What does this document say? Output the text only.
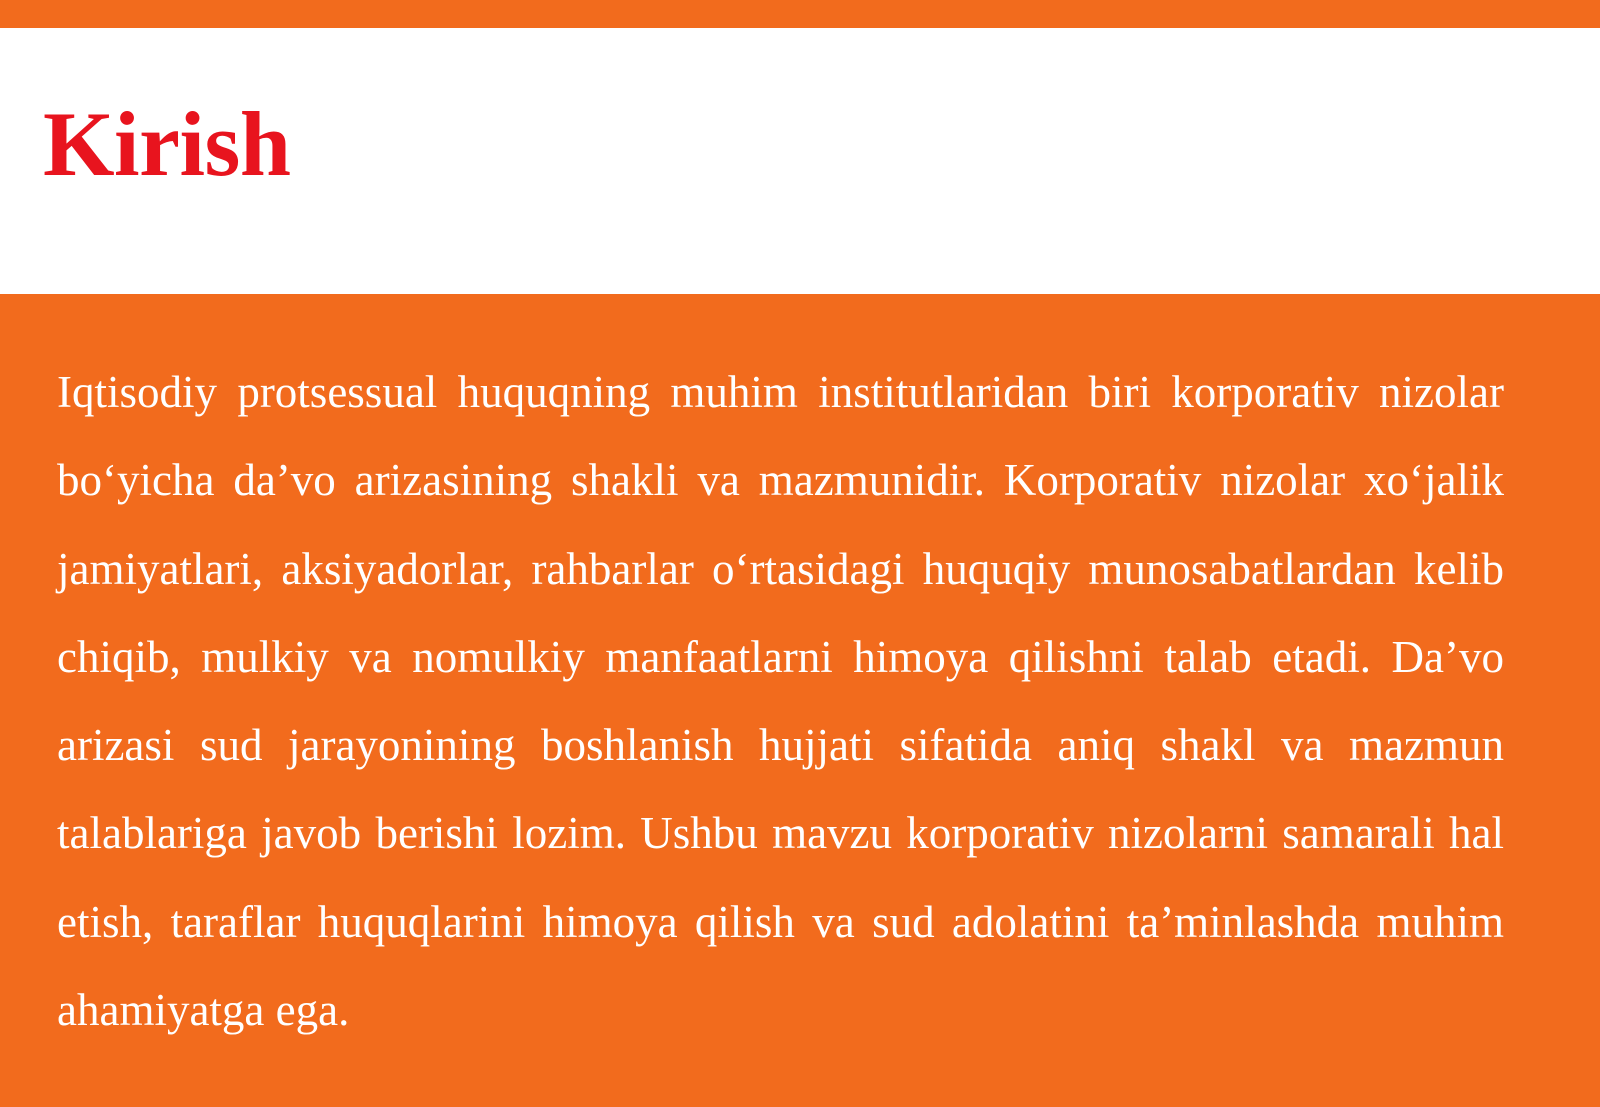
Kirish

Iqtisodiy protsessual huquqning muhim institutlaridan biri korporativ nizolar bo‘yicha da’vo arizasining shakli va mazmunidir. Korporativ nizolar xo‘jalik jamiyatlari, aksiyadorlar, rahbarlar o‘rtasidagi huquqiy munosabatlardan kelib chiqib, mulkiy va nomulkiy manfaatlarni himoya qilishni talab etadi. Da’vo arizasi sud jarayonining boshlanish hujjati sifatida aniq shakl va mazmun talablariga javob berishi lozim. Ushbu mavzu korporativ nizolarni samarali hal etish, taraflar huquqlarini himoya qilish va sud adolatini ta’minlashda muhim ahamiyatga ega.
